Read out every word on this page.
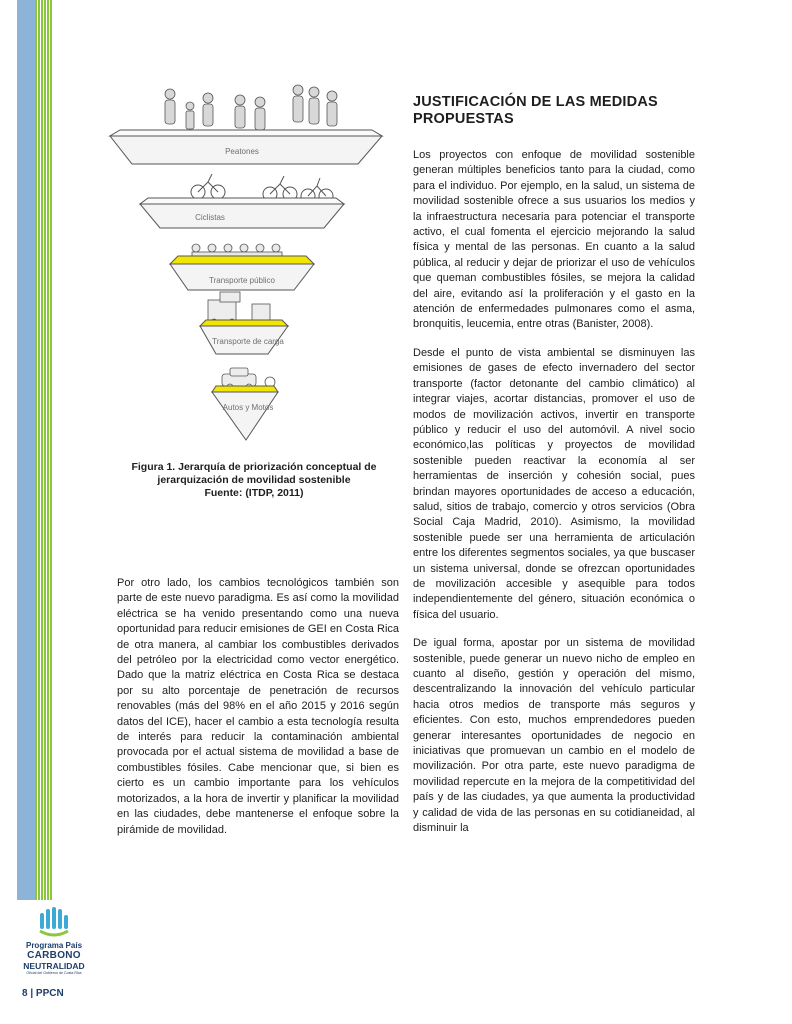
Peatones
Ciclistas
Transporte público
Transporte de carga
Autos y Motos
Figura 1. Jerarquía de priorización conceptual de
jerarquización de movilidad sostenible
Fuente: (ITDP, 2011)

Por otro lado, los cambios tecnológicos también son parte de este nuevo paradigma. Es así como la movilidad eléctrica se ha venido presentando como una nueva oportunidad para reducir emisiones de GEI en Costa Rica de otra manera, al cambiar los combustibles derivados del petróleo por la electricidad como vector energético. Dado que la matriz eléctrica en Costa Rica se destaca por su alto porcentaje de penetración de recursos renovables (más del 98% en el año 2015 y 2016 según datos del ICE), hacer el cambio a esta tecnología resulta de interés para reducir la contaminación ambiental provocada por el actual sistema de movilidad a base de combustibles fósiles. Cabe mencionar que, si bien es cierto es un cambio importante para los vehículos motorizados, a la hora de invertir y planificar la movilidad en las ciudades, debe mantenerse el enfoque sobre la pirámide de movilidad.

JUSTIFICACIÓN DE LAS MEDIDAS PROPUESTAS

Los proyectos con enfoque de movilidad sostenible generan múltiples beneficios tanto para la ciudad, como para el individuo. Por ejemplo, en la salud, un sistema de movilidad sostenible ofrece a sus usuarios los medios y la infraestructura necesaria para potenciar el transporte activo, el cual fomenta el ejercicio mejorando la salud física y mental de las personas. En cuanto a la salud pública, al reducir y dejar de priorizar el uso de vehículos que queman combustibles fósiles, se mejora la calidad del aire, evitando así la proliferación y el gasto en la atención de enfermedades pulmonares como el asma, bronquitis, leucemia, entre otras (Banister, 2008).

Desde el punto de vista ambiental se disminuyen las emisiones de gases de efecto invernadero del sector transporte (factor detonante del cambio climático) al integrar viajes, acortar distancias, promover el uso de modos de movilización activos, invertir en transporte público y reducir el uso del automóvil. A nivel socio económico,las políticas y proyectos de movilidad sostenible pueden reactivar la economía al ser herramientas de inserción y cohesión social, pues brindan mayores oportunidades de acceso a educación, salud, sitios de trabajo, comercio y otros servicios (Obra Social Caja Madrid, 2010). Asimismo, la movilidad sostenible puede ser una herramienta de articulación entre los diferentes segmentos sociales, ya que buscaser un sistema universal, donde se ofrezcan oportunidades de movilización accesible y asequible para todos independientemente del género, situación económica o física del usuario.

De igual forma, apostar por un sistema de movilidad sostenible, puede generar un nuevo nicho de empleo en cuanto al diseño, gestión y operación del mismo, descentralizando la innovación del vehículo particular hacia otros medios de transporte más seguros y eficientes. Con esto, muchos emprendedores pueden generar interesantes oportunidades de negocio en iniciativas que promuevan un cambio en el modelo de movilización. Por otra parte, este nuevo paradigma de movilidad repercute en la mejora de la competitividad del país y de las ciudades, ya que aumenta la productividad y calidad de vida de las personas en su cotidianeidad, al disminuir la

Programa País
CARBONO
NEUTRALIDAD
Oficial del Gobierno de Costa Rica
8 | PPCN
